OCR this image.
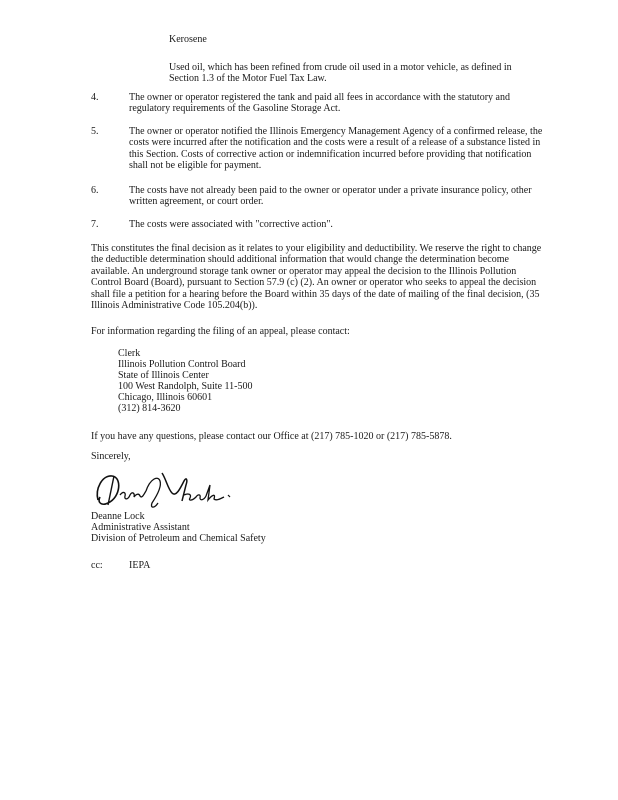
Kerosene
Used oil, which has been refined from crude oil used in a motor vehicle, as defined in Section 1.3 of the Motor Fuel Tax Law.
4.	The owner or operator registered the tank and paid all fees in accordance with the statutory and regulatory requirements of the Gasoline Storage Act.
5.	The owner or operator notified the Illinois Emergency Management Agency of a confirmed release, the costs were incurred after the notification and the costs were a result of a release of a substance listed in this Section. Costs of corrective action or indemnification incurred before providing that notification shall not be eligible for payment.
6.	The costs have not already been paid to the owner or operator under a private insurance policy, other written agreement, or court order.
7.	The costs were associated with "corrective action".
This constitutes the final decision as it relates to your eligibility and deductibility. We reserve the right to change the deductible determination should additional information that would change the determination become available. An underground storage tank owner or operator may appeal the decision to the Illinois Pollution Control Board (Board), pursuant to Section 57.9 (c) (2). An owner or operator who seeks to appeal the decision shall file a petition for a hearing before the Board within 35 days of the date of mailing of the final decision, (35 Illinois Administrative Code 105.204(b)).
For information regarding the filing of an appeal, please contact:
Clerk
Illinois Pollution Control Board
State of Illinois Center
100 West Randolph, Suite 11-500
Chicago, Illinois 60601
(312) 814-3620
If you have any questions, please contact our Office at (217) 785-1020 or (217) 785-5878.
Sincerely,
Deanne Lock
Administrative Assistant
Division of Petroleum and Chemical Safety
cc:	IEPA
